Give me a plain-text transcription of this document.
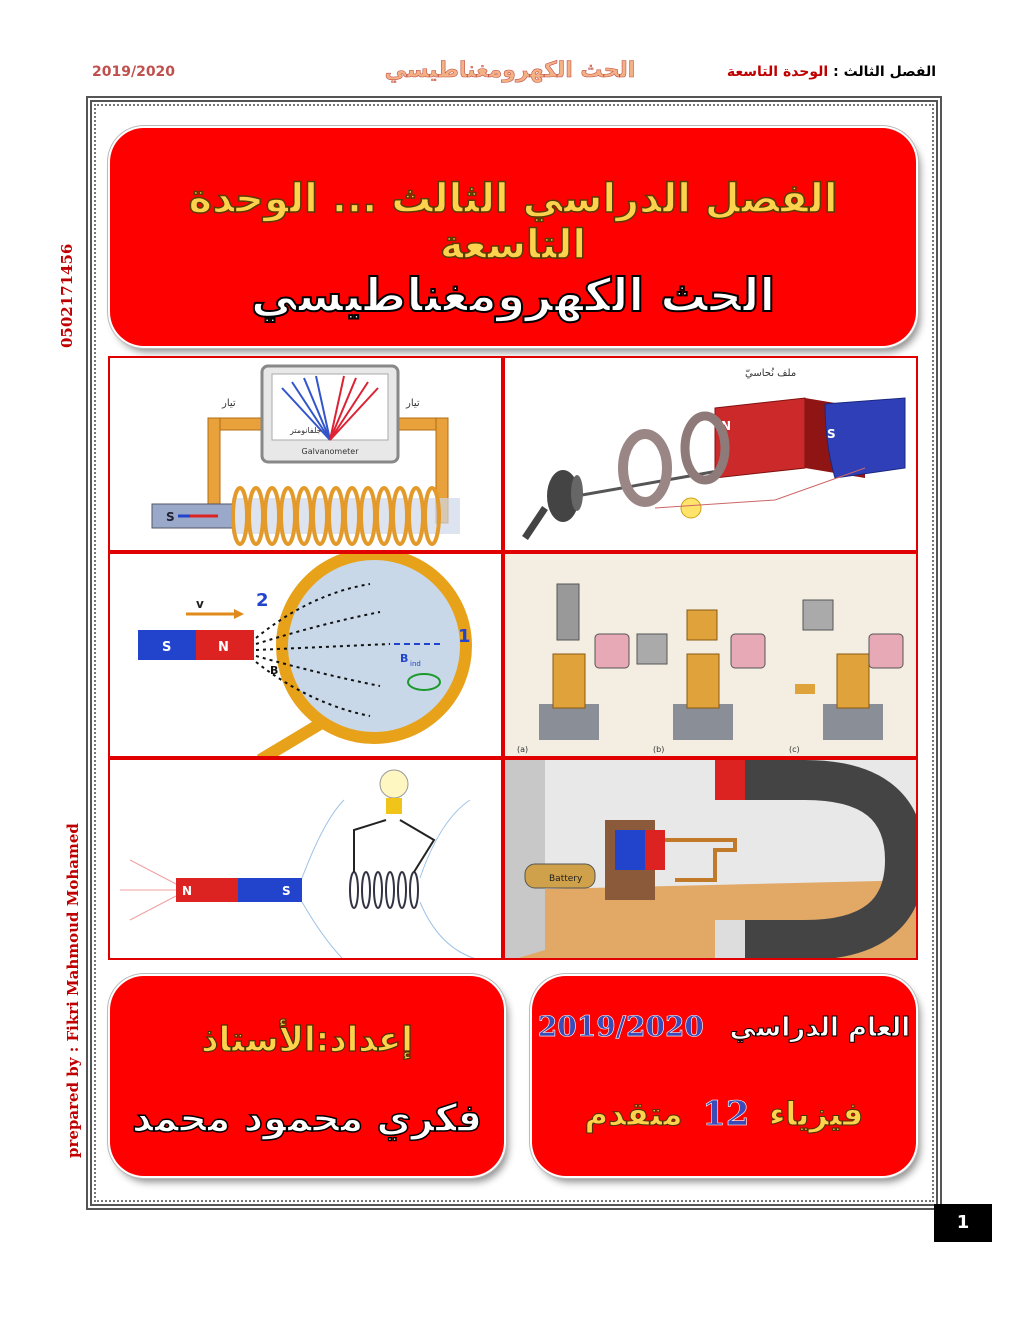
2019/2020	الحث الكهرومغناطيسي	الفصل الثالث : الوحدة التاسعة
0502171456
prepared by : Fikri Mahmoud Mohamed
الفصل الدراسي الثالث ... الوحدة التاسعة
الحث الكهرومغناطيسي
Galvanometer
جلفانومتر
تيار	تيار
S
ملف نُحاسيّ
N
S
S	N
v
B
B ind
2
1
(a)	(b)	(c)
N	S
Battery
إعداد:الأستاذ
فكري محمود محمد
العام الدراسي 2019/2020
فيزياء 12 متقدم
1
